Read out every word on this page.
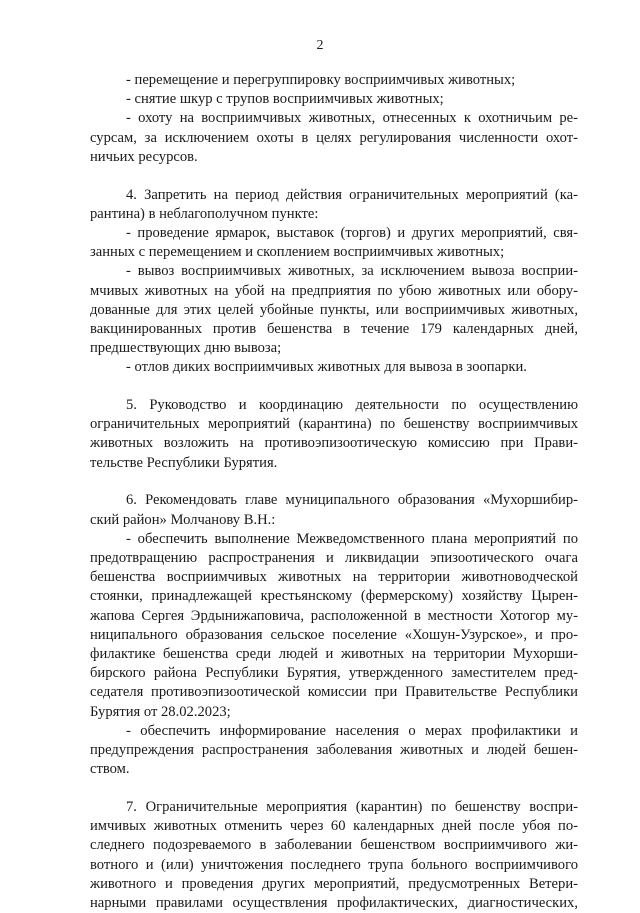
2
- перемещение и перегруппировку восприимчивых животных;
- снятие шкур с трупов восприимчивых животных;
- охоту на восприимчивых животных, отнесенных к охотничьим ре-
сурсам, за исключением охоты в целях регулирования численности охот-
ничьих ресурсов.
4. Запретить на период действия ограничительных мероприятий (ка-
рантина) в неблагополучном пункте:
- проведение ярмарок, выставок (торгов) и других мероприятий, свя-
занных с перемещением и скоплением восприимчивых животных;
- вывоз восприимчивых животных, за исключением вывоза восприи-
мчивых животных на убой на предприятия по убою животных или обору-
дованные для этих целей убойные пункты, или восприимчивых животных,
вакцинированных против бешенства в течение 179 календарных дней,
предшествующих дню вывоза;
- отлов диких восприимчивых животных для вывоза в зоопарки.
5. Руководство и координацию деятельности по осуществлению
ограничительных мероприятий (карантина) по бешенству восприимчивых
животных возложить на противоэпизоотическую комиссию при Прави-
тельстве Республики Бурятия.
6. Рекомендовать главе муниципального образования «Мухоршибир-
ский район» Молчанову В.Н.:
- обеспечить выполнение Межведомственного плана мероприятий по
предотвращению распространения и ликвидации эпизоотического очага
бешенства восприимчивых животных на территории животноводческой
стоянки, принадлежащей крестьянскому (фермерскому) хозяйству Цырен-
жапова Сергея Эрдынижаповича, расположенной в местности Хотогор му-
ниципального образования сельское поселение «Хошун-Узурское», и про-
филактике бешенства среди людей и животных на территории Мухорши-
бирского района Республики Бурятия, утвержденного заместителем пред-
седателя противоэпизоотической комиссии при Правительстве Республики
Бурятия от 28.02.2023;
- обеспечить информирование населения о мерах профилактики и
предупреждения распространения заболевания животных и людей бешен-
ством.
7. Ограничительные мероприятия (карантин) по бешенству воспри-
имчивых животных отменить через 60 календарных дней после убоя по-
следнего подозреваемого в заболевании бешенством восприимчивого жи-
вотного и (или) уничтожения последнего трупа больного восприимчивого
животного и проведения других мероприятий, предусмотренных Ветери-
нарными правилами осуществления профилактических, диагностических,
